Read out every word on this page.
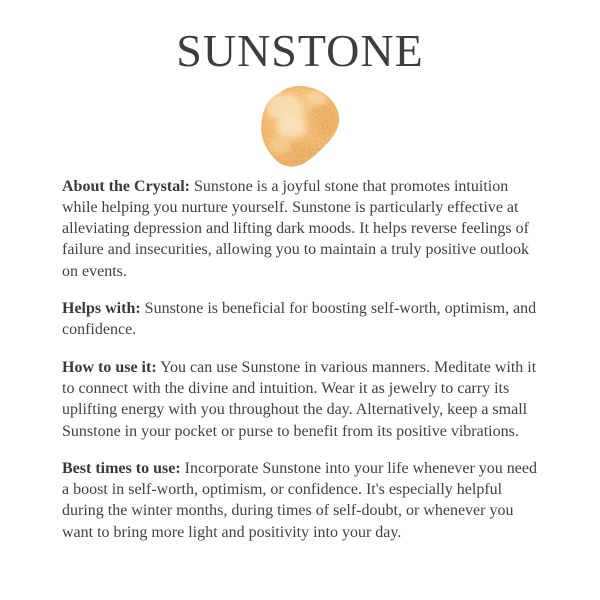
SUNSTONE

About the Crystal: Sunstone is a joyful stone that promotes intuition while helping you nurture yourself. Sunstone is particularly effective at alleviating depression and lifting dark moods. It helps reverse feelings of failure and insecurities, allowing you to maintain a truly positive outlook on events.

Helps with: Sunstone is beneficial for boosting self-worth, optimism, and confidence.

How to use it: You can use Sunstone in various manners. Meditate with it to connect with the divine and intuition. Wear it as jewelry to carry its uplifting energy with you throughout the day. Alternatively, keep a small Sunstone in your pocket or purse to benefit from its positive vibrations.

Best times to use: Incorporate Sunstone into your life whenever you need a boost in self-worth, optimism, or confidence. It's especially helpful during the winter months, during times of self-doubt, or whenever you want to bring more light and positivity into your day.
